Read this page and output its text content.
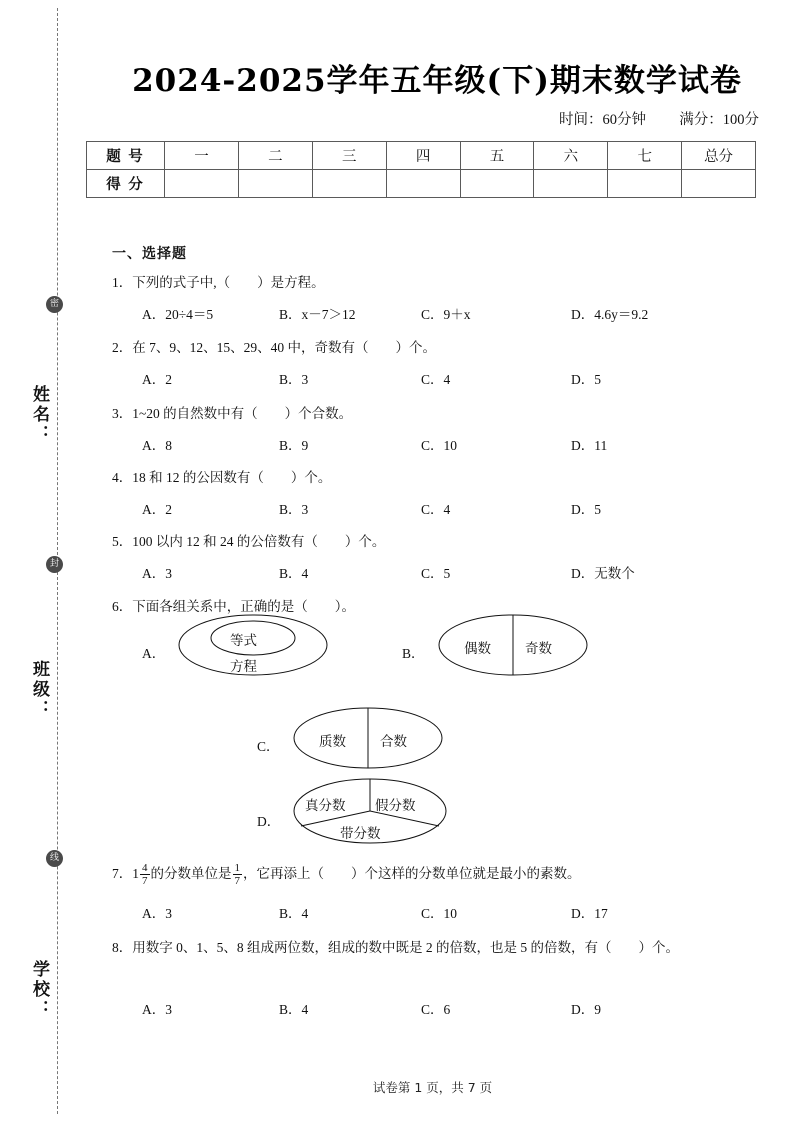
密
封
线
姓名：
班级：
学校：
2024-2025学年五年级(下)期末数学试卷
时间：60分钟 满分：100分
题 号	一	二	三	四	五	六	七	总分
得 分								
一、选择题
1．下列的式子中,（　　）是方程。
A．20÷4＝5	B．x－7＞12	C．9＋x	D．4.6y＝9.2
2．在 7、9、12、15、29、40 中，奇数有（　　）个。
A．2	B．3	C．4	D．5
3．1~20 的自然数中有（　　）个合数。
A．8	B．9	C．10	D．11
4．18 和 12 的公因数有（　　）个。
A．2	B．3	C．4	D．5
5．100 以内 12 和 24 的公倍数有（　　）个。
A．3	B．4	C．5	D．无数个
6．下面各组关系中，正确的是（　　）。
A．
等式
方程
B．	偶数	奇数
C．	质数	合数
D．
真分数 假分数
带分数
7．$1 \frac{4}{7}$ 的分数单位是 $\frac{1}{7}$ ，它再添上（　　）个这样的分数单位就是最小的素数。
A．3	B．4	C．10	D．17
8．用数字 0、1、5、8 组成两位数，组成的数中既是 2 的倍数，也是 5 的倍数，有（　　）个。
A．3	B．4	C．6	D．9
试卷第 1 页，共 7 页
